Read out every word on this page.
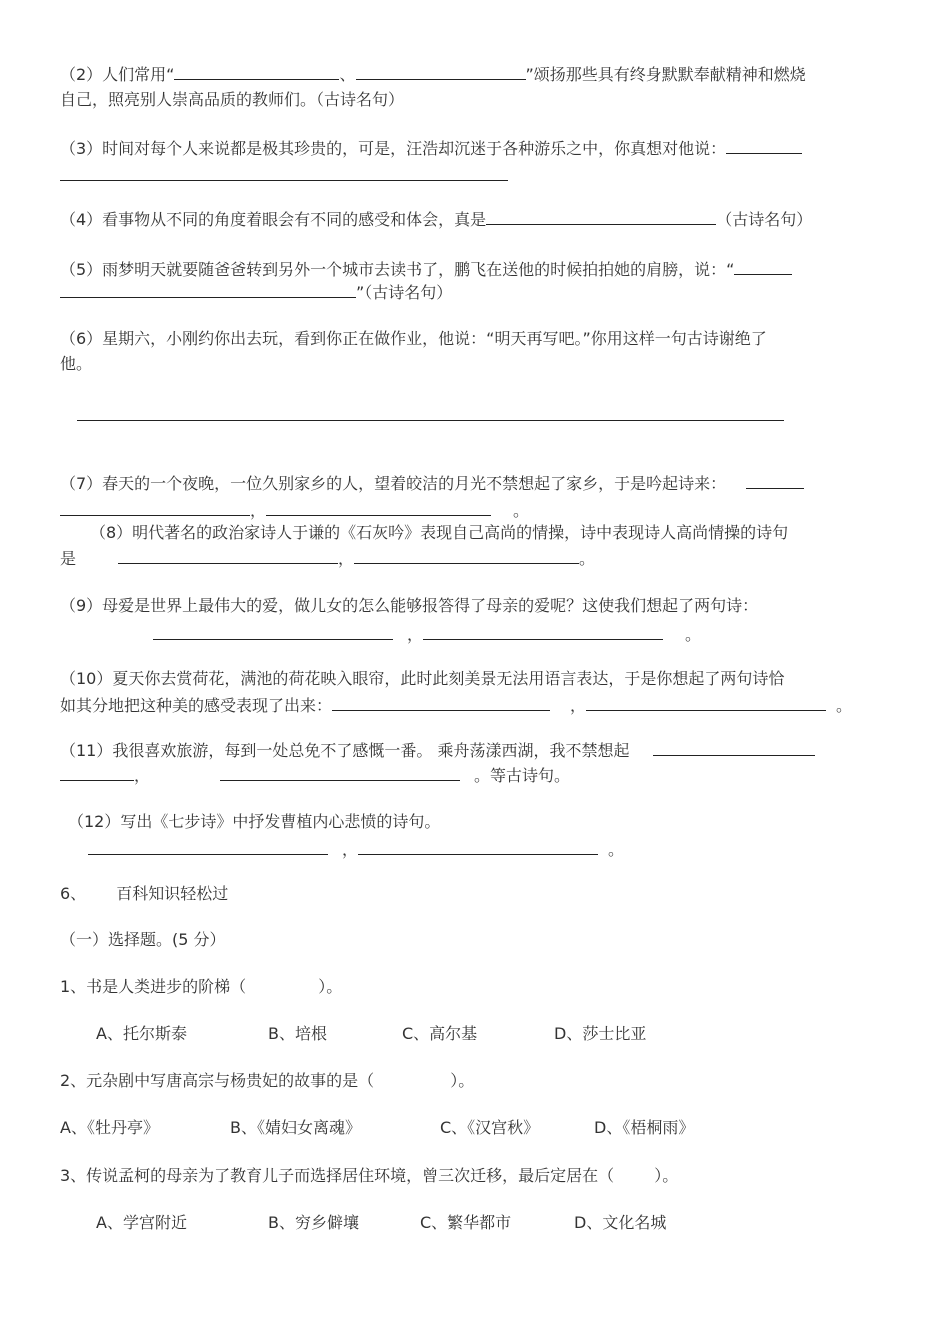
（2）人们常用“	、	”颂扬那些具有终身默默奉献精神和燃烧
自己，照亮别人崇高品质的教师们。（古诗名句）
（3）时间对每个人来说都是极其珍贵的，可是，汪浩却沉迷于各种游乐之中，你真想对他说：
（4）看事物从不同的角度着眼会有不同的感受和体会，真是	（古诗名句）
（5）雨梦明天就要随爸爸转到另外一个城市去读书了，鹏飞在送他的时候拍拍她的肩膀，说：“
”（古诗名句）
（6）星期六，小刚约你出去玩，看到你正在做作业，他说：“明天再写吧。”你用这样一句古诗谢绝了
他。
（7）春天的一个夜晚，一位久别家乡的人，望着皎洁的月光不禁想起了家乡，于是吟起诗来：
，	。
（8）明代著名的政治家诗人于谦的《石灰吟》表现自己高尚的情操，诗中表现诗人高尚情操的诗句
是	，	。
（9）母爱是世界上最伟大的爱，做儿女的怎么能够报答得了母亲的爱呢？这使我们想起了两句诗：
，	。
（10）夏天你去赏荷花，满池的荷花映入眼帘，此时此刻美景无法用语言表达，于是你想起了两句诗恰
如其分地把这种美的感受表现了出来：	，	。
（11）我很喜欢旅游，每到一处总免不了感慨一番。 乘舟荡漾西湖，我不禁想起
，	。等古诗句。
（12）写出《七步诗》中抒发曹植内心悲愤的诗句。
，	。
6、 百科知识轻松过
（一）选择题。(5 分）
1、书是人类进步的阶梯（	）。
A、托尔斯泰	B、培根	C、高尔基	D、莎士比亚
2、元杂剧中写唐高宗与杨贵妃的故事的是（	）。
A、《牡丹亭》	B、《婧妇女离魂》	C、《汉宫秋》	D、《梧桐雨》
3、传说孟柯的母亲为了教育儿子而选择居住环境，曾三次迁移，最后定居在（	）。
A、学宫附近	B、穷乡僻壤	C、繁华都市	D、文化名城
